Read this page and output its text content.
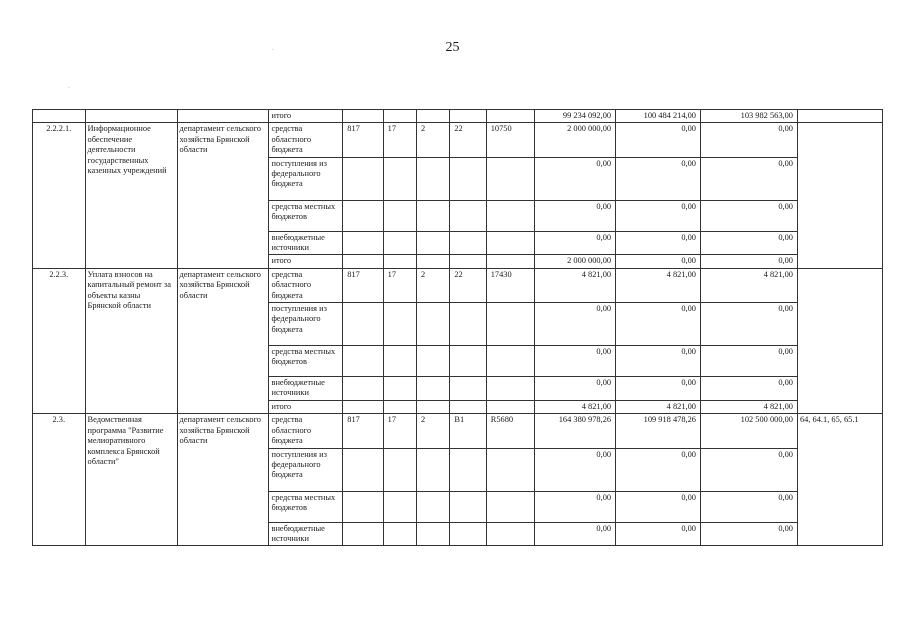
25
.
.
			итого						99 234 092,00	100 484 214,00	103 982 563,00	
2.2.2.1.	Информационное обеспечение деятельности государственных казенных учреждений	департамент сельского хозяйства Брянской области	средства областного бюджета	817	17	2	22	10750	2 000 000,00	0,00	0,00	
			поступления из федерального бюджета						0,00	0,00	0,00	
			средства местных бюджетов						0,00	0,00	0,00	
			внебюджетные источники						0,00	0,00	0,00	
			итого						2 000 000,00	0,00	0,00	
2.2.3.	Уплата взносов на капитальный ремонт за объекты казны Брянской области	департамент сельского хозяйства Брянской области	средства областного бюджета	817	17	2	22	17430	4 821,00	4 821,00	4 821,00	
			поступления из федерального бюджета						0,00	0,00	0,00	
			средства местных бюджетов						0,00	0,00	0,00	
			внебюджетные источники						0,00	0,00	0,00	
			итого						4 821,00	4 821,00	4 821,00	
2.3.	Ведомственная программа "Развитие мелиоративного комплекса Брянской области"	департамент сельского хозяйства Брянской области	средства областного бюджета	817	17	2	В1	R5680	164 380 978,26	109 918 478,26	102 500 000,00	64, 64.1, 65, 65.1
			поступления из федерального бюджета						0,00	0,00	0,00	
			средства местных бюджетов						0,00	0,00	0,00	
			внебюджетные источники						0,00	0,00	0,00	
